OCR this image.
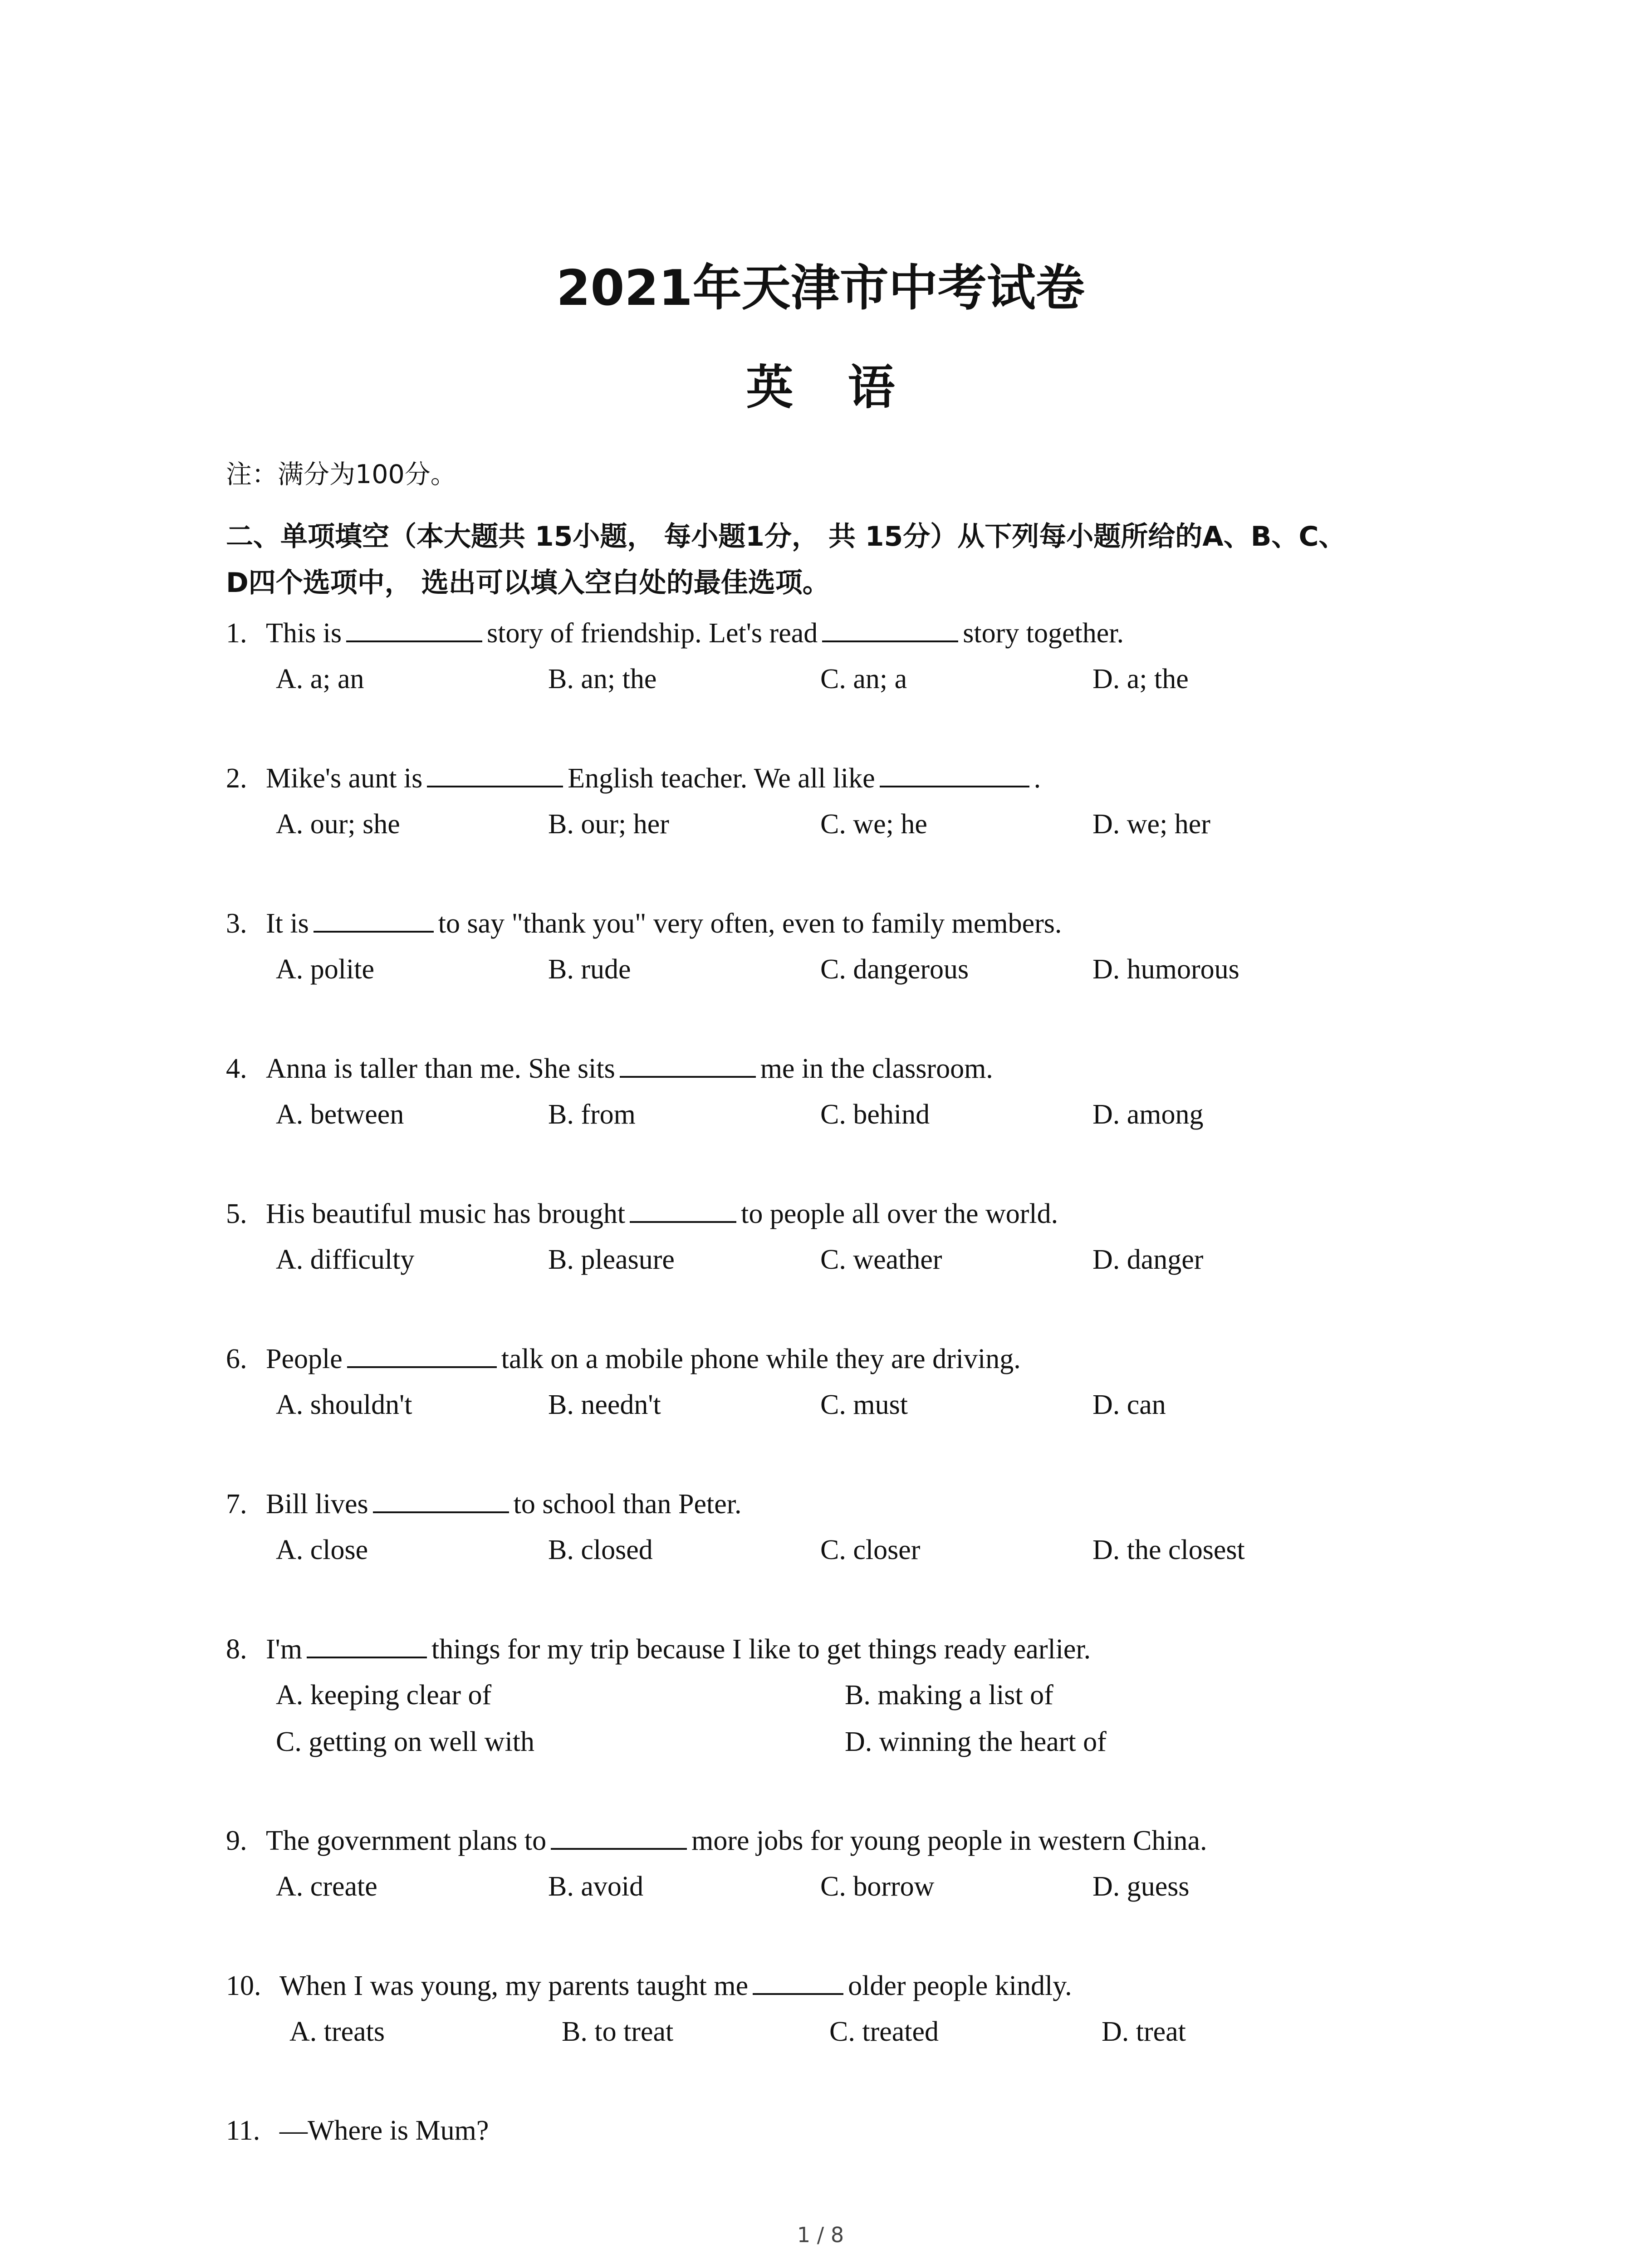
2021年天津市中考试卷
英语
注：满分为100分。
二、单项填空（本大题共 15小题， 每小题1分， 共 15分）从下列每小题所给的A、B、C、
D四个选项中， 选出可以填入空白处的最佳选项。
1. This is	story of friendship. Let's read	story together.
A. a; an	B. an; the	C. an; a	D. a; the
2. Mike's aunt is	English teacher. We all like	.
A. our; she	B. our; her	C. we; he	D. we; her
3. It is	to say "thank you" very often, even to family members.
A. polite	B. rude	C. dangerous	D. humorous
4. Anna is taller than me. She sits	me in the classroom.
A. between	B. from	C. behind	D. among
5. His beautiful music has brought	to people all over the world.
A. difficulty	B. pleasure	C. weather	D. danger
6. People	talk on a mobile phone while they are driving.
A. shouldn't	B. needn't	C. must	D. can
7. Bill lives	to school than Peter.
A. close	B. closed	C. closer	D. the closest
8. I'm	things for my trip because I like to get things ready earlier.
A. keeping clear of	B. making a list of
C. getting on well with	D. winning the heart of
9. The government plans to	more jobs for young people in western China.
A. create	B. avoid	C. borrow	D. guess
10. When I was young, my parents taught me	older people kindly.
A. treats	B. to treat	C. treated	D. treat
11. —Where is Mum?
1 / 8
